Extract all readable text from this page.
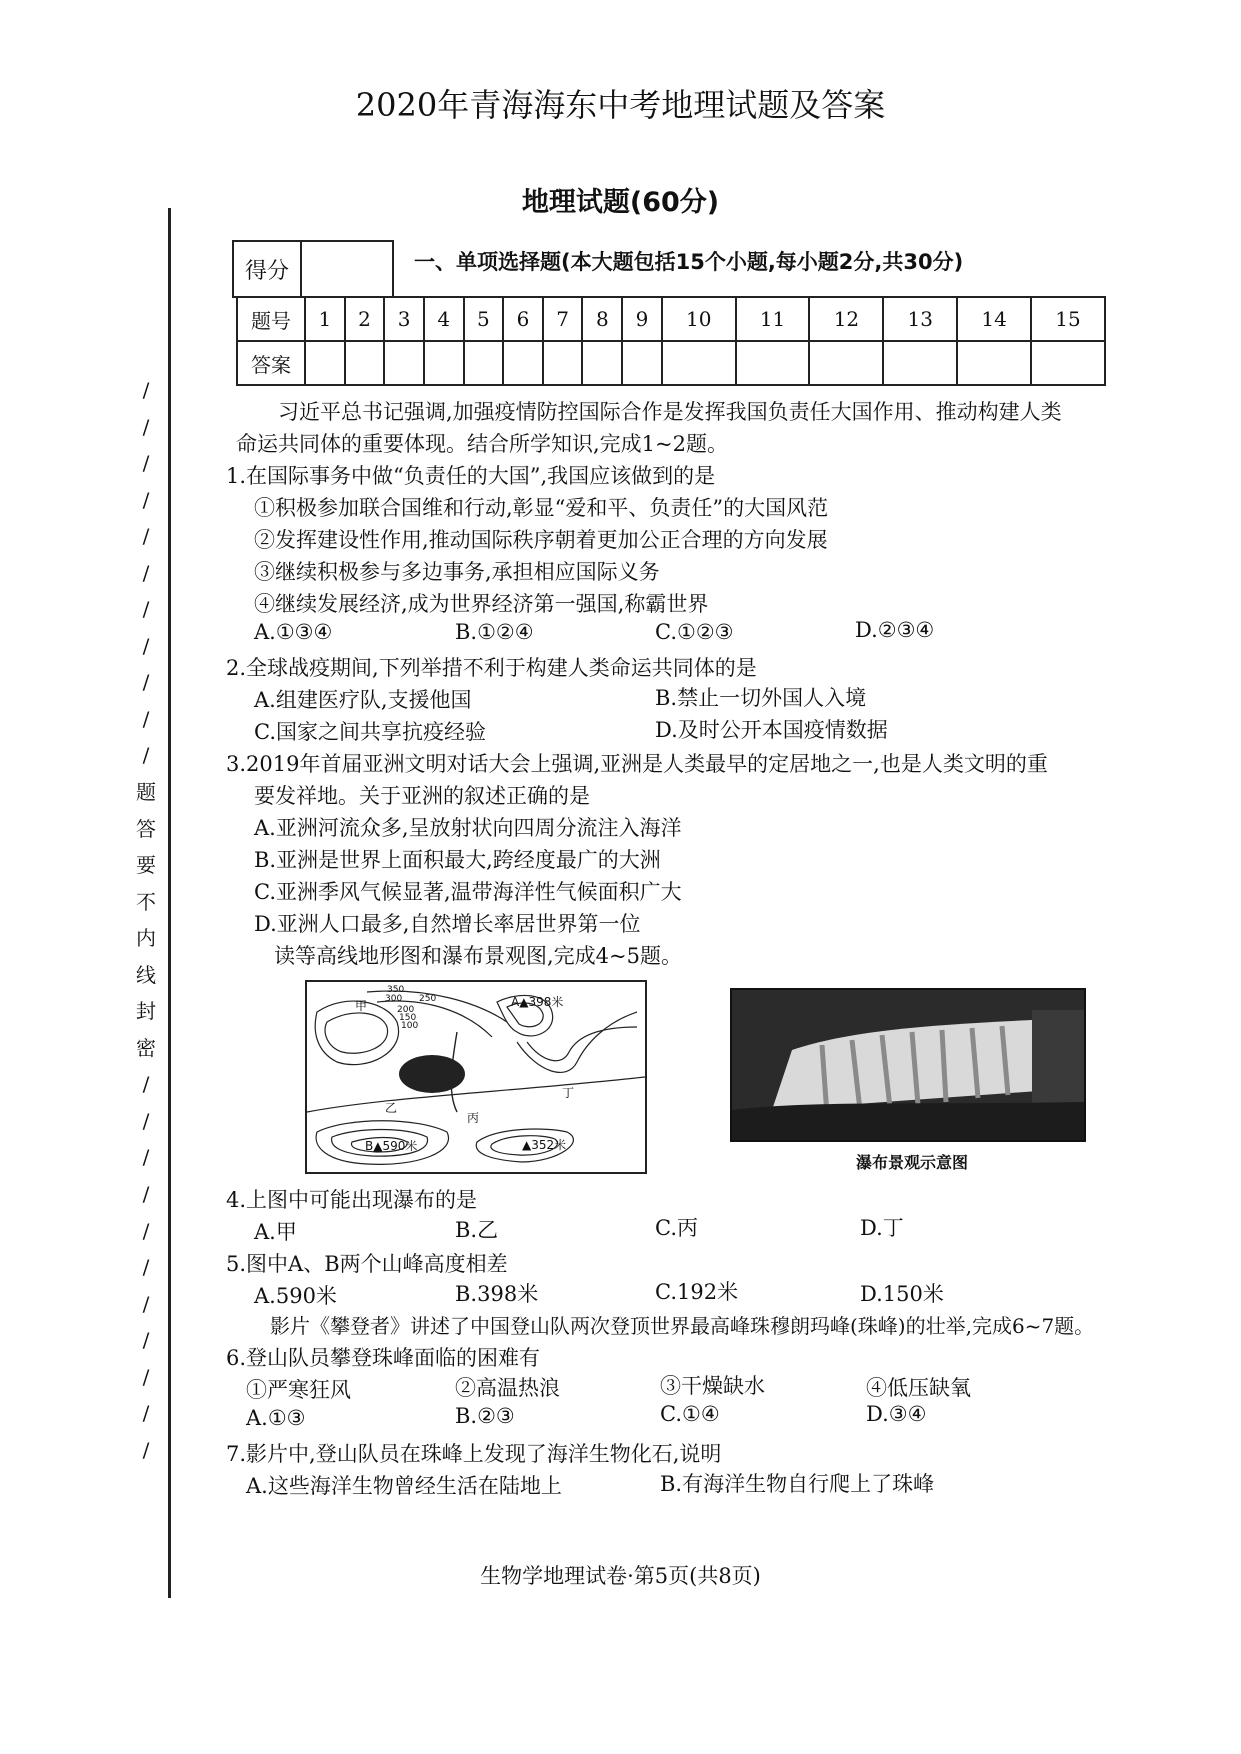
2020年青海海东中考地理试题及答案
/
/
/
/
/
/
/
/
/
/
/
题
答
要
不
内
线
封
密
/
/
/
/
/
/
/
/
/
/
/
地理试题(60分)
得分	一、单项选择题(本大题包括15个小题,每小题2分,共30分)
题号	1	2	3	4	5	6	7	8	9	10	11	12	13	14	15
答案															
习近平总书记强调,加强疫情防控国际合作是发挥我国负责任大国作用、推动构建人类
命运共同体的重要体现。结合所学知识,完成1~2题。
1.在国际事务中做“负责任的大国”,我国应该做到的是
①积极参加联合国维和行动,彰显“爱和平、负责任”的大国风范
②发挥建设性作用,推动国际秩序朝着更加公正合理的方向发展
③继续积极参与多边事务,承担相应国际义务
④继续发展经济,成为世界经济第一强国,称霸世界
A.①③④	B.①②④	C.①②③	D.②③④
2.全球战疫期间,下列举措不利于构建人类命运共同体的是
A.组建医疗队,支援他国	B.禁止一切外国人入境
C.国家之间共享抗疫经验	D.及时公开本国疫情数据
3.2019年首届亚洲文明对话大会上强调,亚洲是人类最早的定居地之一,也是人类文明的重
要发祥地。关于亚洲的叙述正确的是
A.亚洲河流众多,呈放射状向四周分流注入海洋
B.亚洲是世界上面积最大,跨经度最广的大洲
C.亚洲季风气候显著,温带海洋性气候面积广大
D.亚洲人口最多,自然增长率居世界第一位
读等高线地形图和瀑布景观图,完成4~5题。
350
300 250
200
150
100
A▲398米
B▲590米	▲352米
甲
乙
丙
丁
瀑布景观示意图
4.上图中可能出现瀑布的是
A.甲	B.乙	C.丙	D.丁
5.图中A、B两个山峰高度相差
A.590米	B.398米	C.192米	D.150米
影片《攀登者》讲述了中国登山队两次登顶世界最高峰珠穆朗玛峰(珠峰)的壮举,完成6~7题。
6.登山队员攀登珠峰面临的困难有
①严寒狂风	②高温热浪	③干燥缺水	④低压缺氧
A.①③	B.②③	C.①④	D.③④
7.影片中,登山队员在珠峰上发现了海洋生物化石,说明
A.这些海洋生物曾经生活在陆地上	B.有海洋生物自行爬上了珠峰
生物学地理试卷·第5页(共8页)
